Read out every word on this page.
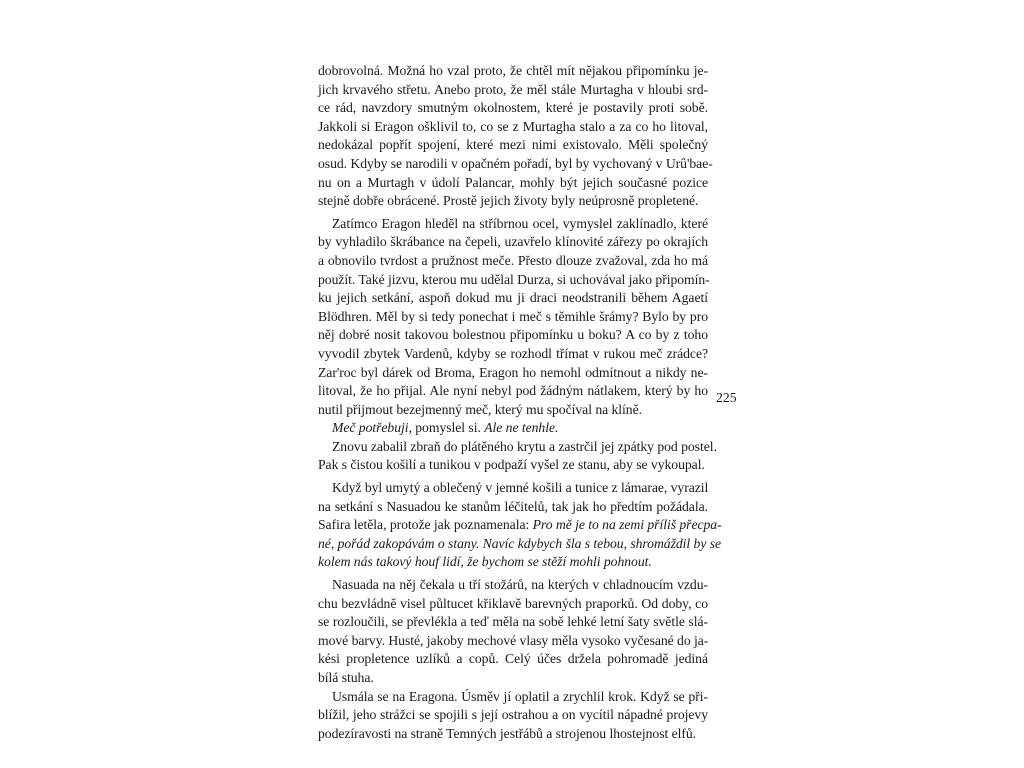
dobrovolná. Možná ho vzal proto, že chtěl mít nějakou připomínku je-
jich krvavého střetu. Anebo proto, že měl stále Murtagha v hloubi srd-
ce rád, navzdory smutným okolnostem, které je postavily proti sobě.
Jakkoli si Eragon ošklivil to, co se z Murtagha stalo a za co ho litoval,
nedokázal popřít spojení, které mezi nimi existovalo. Měli společný
osud. Kdyby se narodili v opačném pořadí, byl by vychovaný v Urû'bae-
nu on a Murtagh v údolí Palancar, mohly být jejich současné pozice
stejně dobře obrácené. Prostě jejich životy byly neúprosně propletené.
Zatímco Eragon hleděl na stříbrnou ocel, vymyslel zaklínadlo, které
by vyhladilo škrábance na čepeli, uzavřelo klínovité zářezy po okrajích
a obnovilo tvrdost a pružnost meče. Přesto dlouze zvažoval, zda ho má
použít. Také jizvu, kterou mu udělal Durza, si uchovával jako připomín-
ku jejich setkání, aspoň dokud mu ji draci neodstranili během Agaetí
Blödhren. Měl by si tedy ponechat i meč s těmihle šrámy? Bylo by pro
něj dobré nosit takovou bolestnou připomínku u boku? A co by z toho
vyvodil zbytek Vardenů, kdyby se rozhodl třímat v rukou meč zrádce?
Zar'roc byl dárek od Broma, Eragon ho nemohl odmítnout a nikdy ne-
litoval, že ho přijal. Ale nyní nebyl pod žádným nátlakem, který by ho
nutil přijmout bezejmenný meč, který mu spočíval na klíně.
Meč potřebuji, pomyslel si. Ale ne tenhle.
Znovu zabalil zbraň do plátěného krytu a zastrčil jej zpátky pod postel.
Pak s čistou košilí a tunikou v podpaží vyšel ze stanu, aby se vykoupal.
Když byl umytý a oblečený v jemné košili a tunice z lámarae, vyrazil
na setkání s Nasuadou ke stanům léčitelů, tak jak ho předtím požádala.
Safira letěla, protože jak poznamenala: Pro mě je to na zemi příliš přecpa-
né, pořád zakopávám o stany. Navíc kdybych šla s tebou, shromáždil by se
kolem nás takový houf lidí, že bychom se stěží mohli pohnout.
Nasuada na něj čekala u tří stožárů, na kterých v chladnoucím vzdu-
chu bezvládně visel půltucet křiklavě barevných praporků. Od doby, co
se rozloučili, se převlékla a teď měla na sobě lehké letní šaty světle slá-
mové barvy. Husté, jakoby mechové vlasy měla vysoko vyčesané do ja-
kési propletence uzlíků a copů. Celý účes držela pohromadě jediná
bílá stuha.
Usmála se na Eragona. Úsměv jí oplatil a zrychlil krok. Když se při-
blížil, jeho strážci se spojili s její ostrahou a on vycítil nápadné projevy
podezíravosti na straně Temných jestřábů a strojenou lhostejnost elfů.
225
